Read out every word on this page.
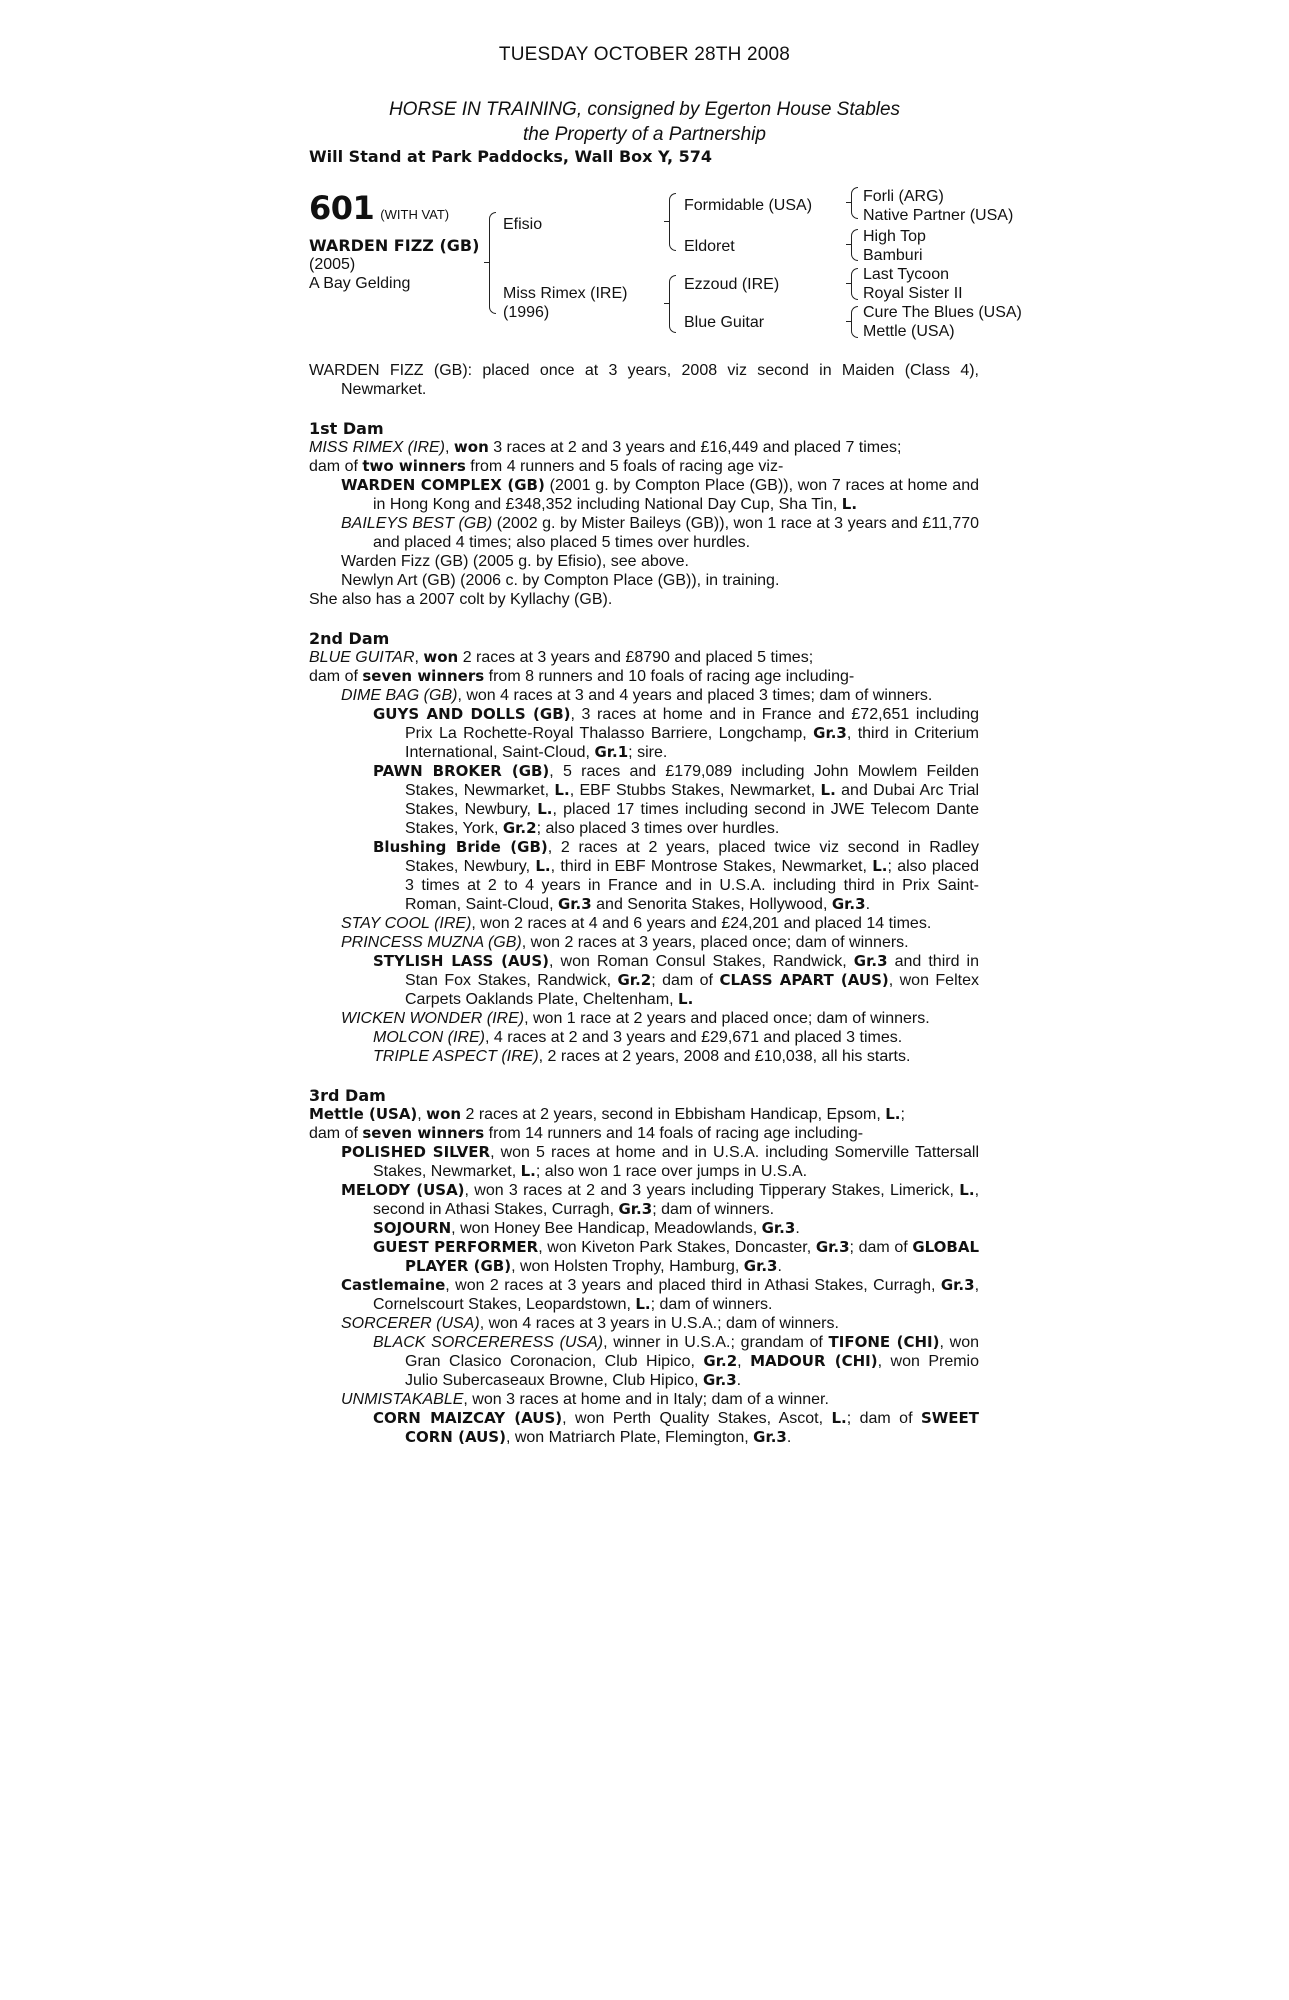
TUESDAY OCTOBER 28TH 2008
HORSE IN TRAINING, consigned by Egerton House Stables
the Property of a Partnership
Will Stand at Park Paddocks, Wall Box Y, 574
601 (WITH VAT)
WARDEN FIZZ (GB)
(2005)
A Bay Gelding
Efisio
Miss Rimex (IRE)
(1996)
Formidable (USA)
Eldoret
Ezzoud (IRE)
Blue Guitar
Forli (ARG)
Native Partner (USA)
High Top
Bamburi
Last Tycoon
Royal Sister II
Cure The Blues (USA)
Mettle (USA)

WARDEN FIZZ (GB): placed once at 3 years, 2008 viz second in Maiden (Class 4), Newmarket.

1st Dam

MISS RIMEX (IRE), won 3 races at 2 and 3 years and £16,449 and placed 7 times;

dam of two winners from 4 runners and 5 foals of racing age viz-

WARDEN COMPLEX (GB) (2001 g. by Compton Place (GB)), won 7 races at home and in Hong Kong and £348,352 including National Day Cup, Sha Tin, L.

BAILEYS BEST (GB) (2002 g. by Mister Baileys (GB)), won 1 race at 3 years and £11,770 and placed 4 times; also placed 5 times over hurdles.

Warden Fizz (GB) (2005 g. by Efisio), see above.

Newlyn Art (GB) (2006 c. by Compton Place (GB)), in training.

She also has a 2007 colt by Kyllachy (GB).

2nd Dam

BLUE GUITAR, won 2 races at 3 years and £8790 and placed 5 times;

dam of seven winners from 8 runners and 10 foals of racing age including-

DIME BAG (GB), won 4 races at 3 and 4 years and placed 3 times; dam of winners.

GUYS AND DOLLS (GB), 3 races at home and in France and £72,651 including Prix La Rochette-Royal Thalasso Barriere, Longchamp, Gr.3, third in Criterium International, Saint-Cloud, Gr.1; sire.

PAWN BROKER (GB), 5 races and £179,089 including John Mowlem Feilden Stakes, Newmarket, L., EBF Stubbs Stakes, Newmarket, L. and Dubai Arc Trial Stakes, Newbury, L., placed 17 times including second in JWE Telecom Dante Stakes, York, Gr.2; also placed 3 times over hurdles.

Blushing Bride (GB), 2 races at 2 years, placed twice viz second in Radley Stakes, Newbury, L., third in EBF Montrose Stakes, Newmarket, L.; also placed 3 times at 2 to 4 years in France and in U.S.A. including third in Prix Saint-Roman, Saint-Cloud, Gr.3 and Senorita Stakes, Hollywood, Gr.3.

STAY COOL (IRE), won 2 races at 4 and 6 years and £24,201 and placed 14 times.

PRINCESS MUZNA (GB), won 2 races at 3 years, placed once; dam of winners.

STYLISH LASS (AUS), won Roman Consul Stakes, Randwick, Gr.3 and third in Stan Fox Stakes, Randwick, Gr.2; dam of CLASS APART (AUS), won Feltex Carpets Oaklands Plate, Cheltenham, L.

WICKEN WONDER (IRE), won 1 race at 2 years and placed once; dam of winners.

MOLCON (IRE), 4 races at 2 and 3 years and £29,671 and placed 3 times.

TRIPLE ASPECT (IRE), 2 races at 2 years, 2008 and £10,038, all his starts.

3rd Dam

Mettle (USA), won 2 races at 2 years, second in Ebbisham Handicap, Epsom, L.;

dam of seven winners from 14 runners and 14 foals of racing age including-

POLISHED SILVER, won 5 races at home and in U.S.A. including Somerville Tattersall Stakes, Newmarket, L.; also won 1 race over jumps in U.S.A.

MELODY (USA), won 3 races at 2 and 3 years including Tipperary Stakes, Limerick, L., second in Athasi Stakes, Curragh, Gr.3; dam of winners.

SOJOURN, won Honey Bee Handicap, Meadowlands, Gr.3.

GUEST PERFORMER, won Kiveton Park Stakes, Doncaster, Gr.3; dam of GLOBAL PLAYER (GB), won Holsten Trophy, Hamburg, Gr.3.

Castlemaine, won 2 races at 3 years and placed third in Athasi Stakes, Curragh, Gr.3, Cornelscourt Stakes, Leopardstown, L.; dam of winners.

SORCERER (USA), won 4 races at 3 years in U.S.A.; dam of winners.

BLACK SORCERERESS (USA), winner in U.S.A.; grandam of TIFONE (CHI), won Gran Clasico Coronacion, Club Hipico, Gr.2, MADOUR (CHI), won Premio Julio Subercaseaux Browne, Club Hipico, Gr.3.

UNMISTAKABLE, won 3 races at home and in Italy; dam of a winner.

CORN MAIZCAY (AUS), won Perth Quality Stakes, Ascot, L.; dam of SWEET CORN (AUS), won Matriarch Plate, Flemington, Gr.3.
